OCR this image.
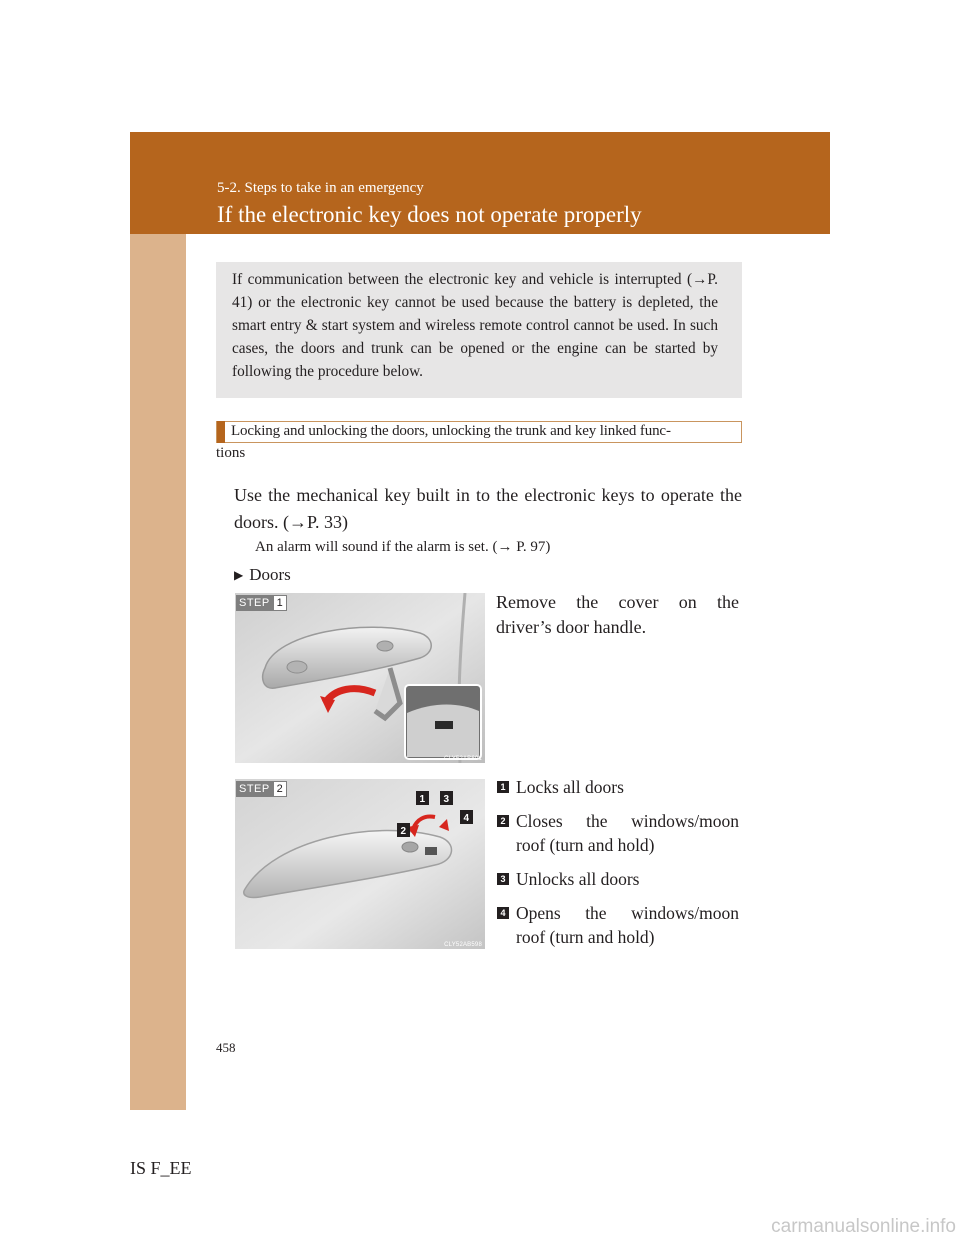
5-2. Steps to take in an emergency
If the electronic key does not operate properly
If communication between the electronic key and vehicle is interrupted (→P. 41) or the electronic key cannot be used because the battery is depleted, the smart entry & start system and wireless remote control cannot be used. In such cases, the doors and trunk can be opened or the engine can be started by following the procedure below.
Locking and unlocking the doors, unlocking the trunk and key linked func-
tions
Use the mechanical key built in to the electronic keys to operate the doors. (→P. 33)
An alarm will sound if the alarm is set. (→ P. 97)
▶ Doors
STEP 1
CLY52AB601
Remove the cover on the
driver’s door handle.
1
2
3
4
STEP 2
CLY52AB598
1 Locks all doors
2 Closes the windows/moon
roof (turn and hold)
3 Unlocks all doors
4 Opens the windows/moon
roof (turn and hold)
458
IS F_EE
carmanualsonline.info
